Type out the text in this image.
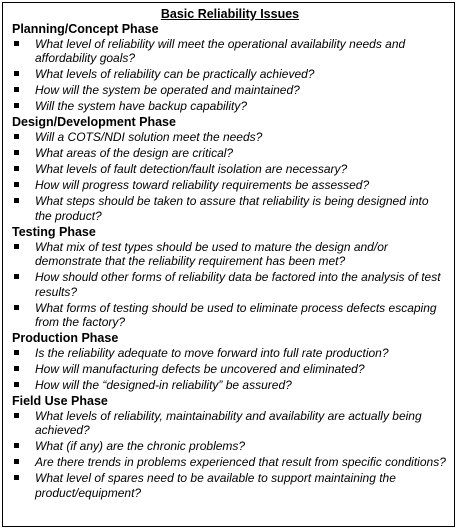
Basic Reliability Issues
Planning/Concept Phase
What level of reliability will meet the operational availability needs and affordability goals?
What levels of reliability can be practically achieved?
How will the system be operated and maintained?
Will the system have backup capability?
Design/Development Phase
Will a COTS/NDI solution meet the needs?
What areas of the design are critical?
What levels of fault detection/fault isolation are necessary?
How will progress toward reliability requirements be assessed?
What steps should be taken to assure that reliability is being designed into the product?
Testing Phase
What mix of test types should be used to mature the design and/or demonstrate that the reliability requirement has been met?
How should other forms of reliability data be factored into the analysis of test results?
What forms of testing should be used to eliminate process defects escaping from the factory?
Production Phase
Is the reliability adequate to move forward into full rate production?
How will manufacturing defects be uncovered and eliminated?
How will the “designed-in reliability” be assured?
Field Use Phase
What levels of reliability, maintainability and availability are actually being achieved?
What (if any) are the chronic problems?
Are there trends in problems experienced that result from specific conditions?
What level of spares need to be available to support maintaining the product/equipment?
